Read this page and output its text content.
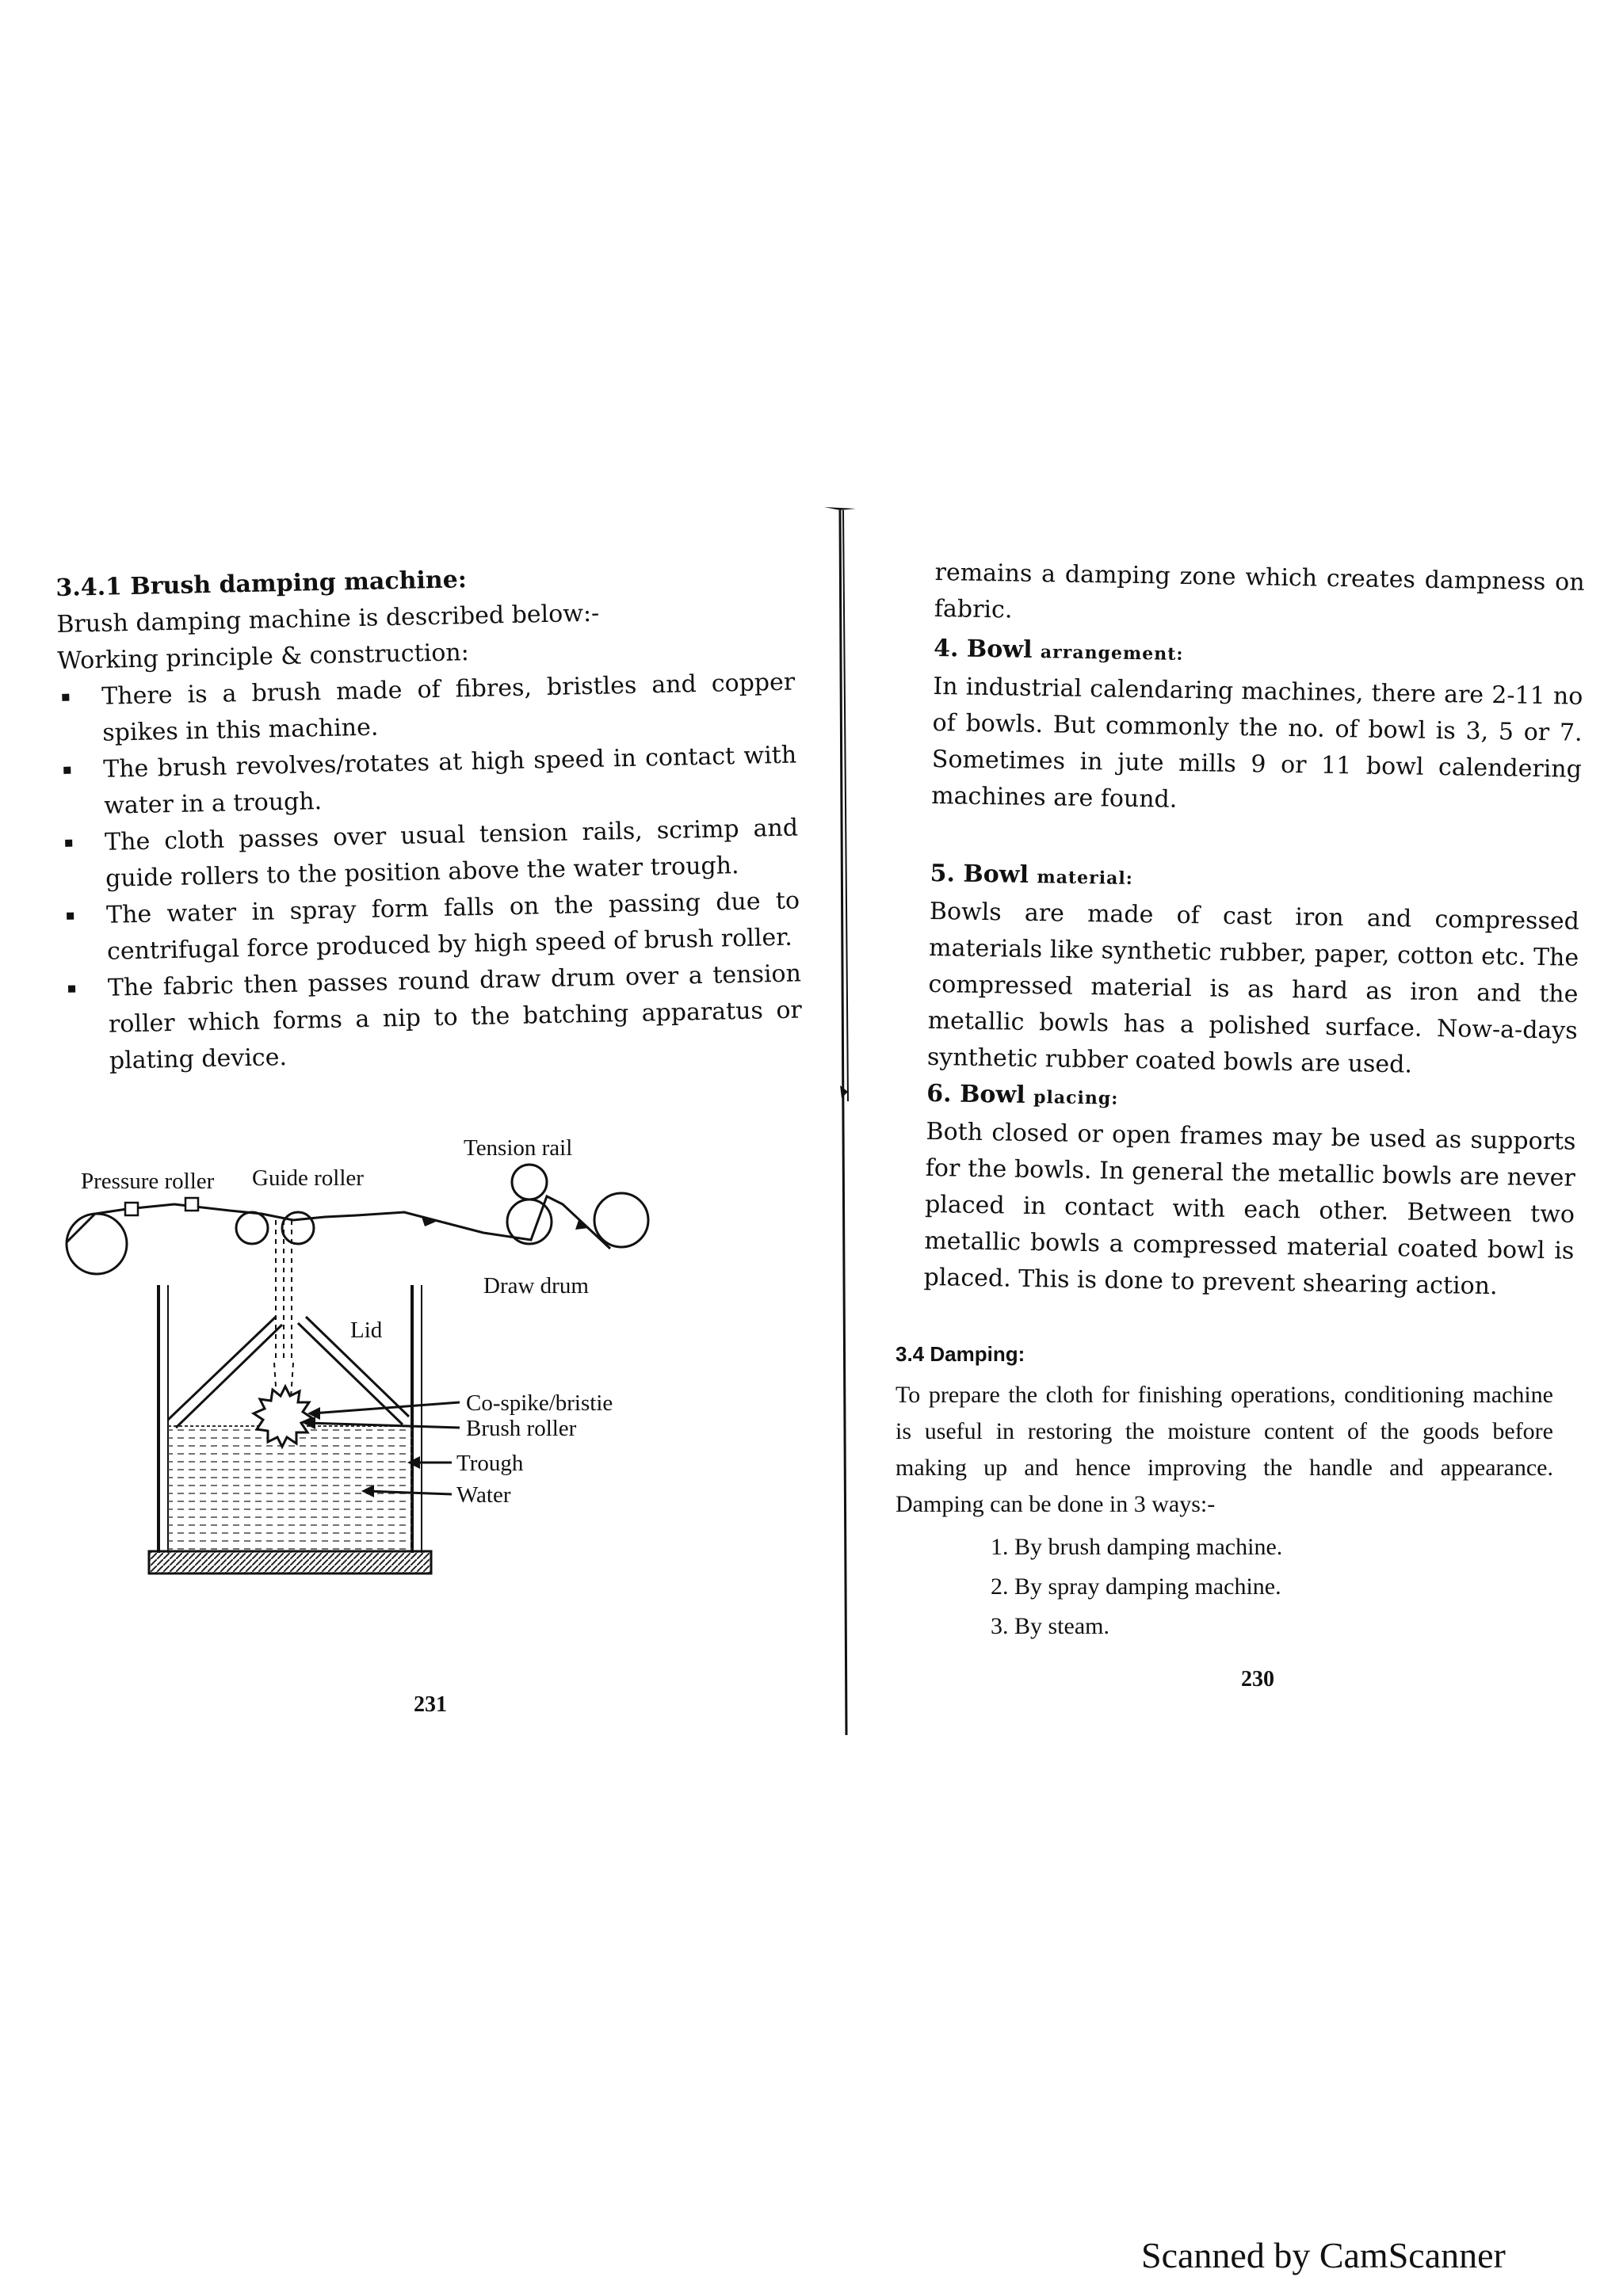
3.4.1 Brush damping machine:
Brush damping machine is described below:-
Working principle & construction:
There is a brush made of fibres, bristles and copper spikes in this machine.
The brush revolves/rotates at high speed in contact with water in a trough.
The cloth passes over usual tension rails, scrimp and guide rollers to the position above the water trough.
The water in spray form falls on the passing due to centrifugal force produced by high speed of brush roller.
The fabric then passes round draw drum over a tension roller which forms a nip to the batching apparatus or plating device.
Tension rail
Pressure roller Guide roller
Draw drum
Lid
Co-spike/bristie
Brush roller
Trough
Water
231
remains a damping zone which creates dampness on fabric.
4. Bowl arrangement:
In industrial calendaring machines, there are 2-11 no of bowls. But commonly the no. of bowl is 3, 5 or 7. Sometimes in jute mills 9 or 11 bowl calendering machines are found.
5. Bowl material:
Bowls are made of cast iron and compressed materials like synthetic rubber, paper, cotton etc. The compressed material is as hard as iron and the metallic bowls has a polished surface. Now-a-days synthetic rubber coated bowls are used.
6. Bowl placing:
Both closed or open frames may be used as supports for the bowls. In general the metallic bowls are never placed in contact with each other. Between two metallic bowls a compressed material coated bowl is placed. This is done to prevent shearing action.
3.4 Damping:
To prepare the cloth for finishing operations, conditioning machine is useful in restoring the moisture content of the goods before making up and hence improving the handle and appearance. Damping can be done in 3 ways:-
1. By brush damping machine.
2. By spray damping machine.
3. By steam.
230
Scanned by CamScanner
